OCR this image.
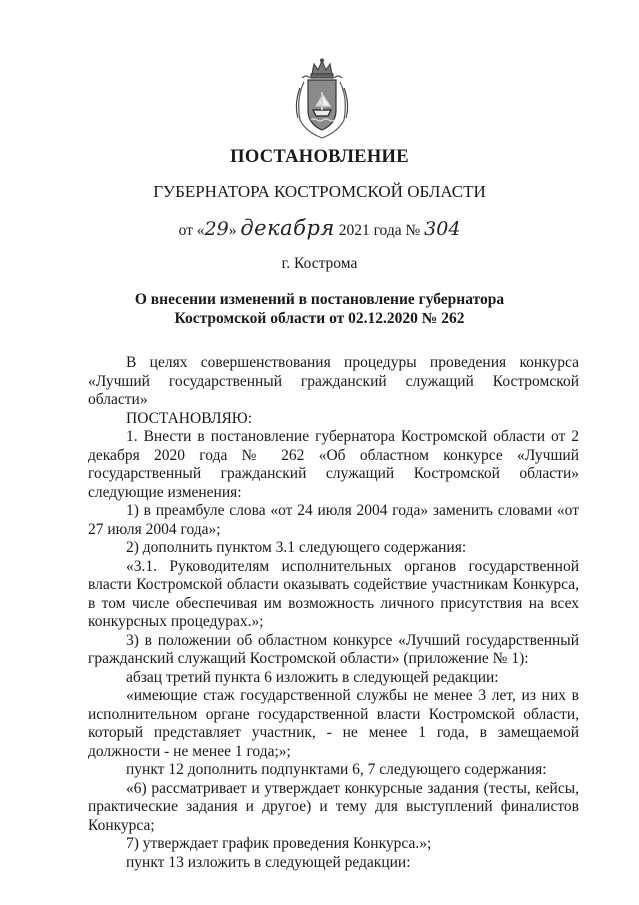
ПОСТАНОВЛЕНИЕ
ГУБЕРНАТОРА КОСТРОМСКОЙ ОБЛАСТИ
от «29» декабря 2021 года № 304
г. Кострома
О внесении изменений в постановление губернатора
Костромской области от 02.12.2020 № 262

В целях совершенствования процедуры проведения конкурса «Лучший государственный гражданский служащий Костромской области»

ПОСТАНОВЛЯЮ:

1. Внести в постановление губернатора Костромской области от 2 декабря 2020 года № 262 «Об областном конкурсе «Лучший государственный гражданский служащий Костромской области» следующие изменения:

1) в преамбуле слова «от 24 июля 2004 года» заменить словами «от 27 июля 2004 года»;

2) дополнить пунктом 3.1 следующего содержания:

«3.1. Руководителям исполнительных органов государственной власти Костромской области оказывать содействие участникам Конкурса, в том числе обеспечивая им возможность личного присутствия на всех конкурсных процедурах.»;

3) в положении об областном конкурсе «Лучший государственный гражданский служащий Костромской области» (приложение № 1):

абзац третий пункта 6 изложить в следующей редакции:

«имеющие стаж государственной службы не менее 3 лет, из них в исполнительном органе государственной власти Костромской области, который представляет участник, - не менее 1 года, в замещаемой должности - не менее 1 года;»;

пункт 12 дополнить подпунктами 6, 7 следующего содержания:

«6) рассматривает и утверждает конкурсные задания (тесты, кейсы, практические задания и другое) и тему для выступлений финалистов Конкурса;

7) утверждает график проведения Конкурса.»;

пункт 13 изложить в следующей редакции:
